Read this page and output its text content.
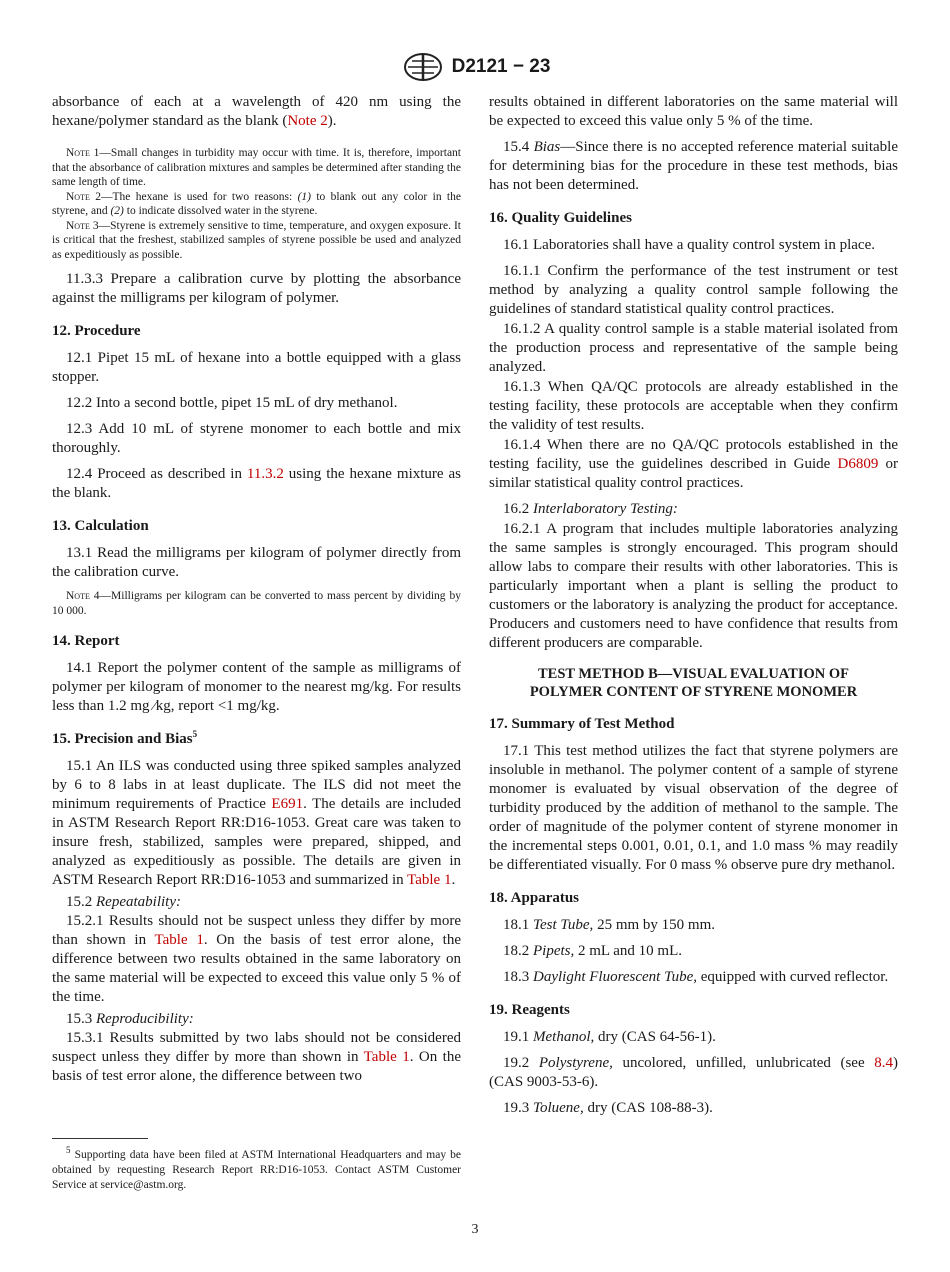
D2121 − 23

absorbance of each at a wavelength of 420 nm using the hexane/polymer standard as the blank (Note 2).

Note 1—Small changes in turbidity may occur with time. It is, therefore, important that the absorbance of calibration mixtures and samples be determined after standing the same length of time.

Note 2—The hexane is used for two reasons: (1) to blank out any color in the styrene, and (2) to indicate dissolved water in the styrene.

Note 3—Styrene is extremely sensitive to time, temperature, and oxygen exposure. It is critical that the freshest, stabilized samples of styrene possible be used and analyzed as expeditiously as possible.

11.3.3 Prepare a calibration curve by plotting the absorbance against the milligrams per kilogram of polymer.

12. Procedure

12.1 Pipet 15 mL of hexane into a bottle equipped with a glass stopper.

12.2 Into a second bottle, pipet 15 mL of dry methanol.

12.3 Add 10 mL of styrene monomer to each bottle and mix thoroughly.

12.4 Proceed as described in 11.3.2 using the hexane mixture as the blank.

13. Calculation

13.1 Read the milligrams per kilogram of polymer directly from the calibration curve.

Note 4—Milligrams per kilogram can be converted to mass percent by dividing by 10 000.

14. Report

14.1 Report the polymer content of the sample as milligrams of polymer per kilogram of monomer to the nearest mg/kg. For results less than 1.2 mg ⁄kg, report <1 mg/kg.

15. Precision and Bias$^5$

15.1 An ILS was conducted using three spiked samples analyzed by 6 to 8 labs in at least duplicate. The ILS did not meet the minimum requirements of Practice E691. The details are included in ASTM Research Report RR:D16-1053. Great care was taken to insure fresh, stabilized, samples were prepared, shipped, and analyzed as expeditiously as possible. The details are given in ASTM Research Report RR:D16-1053 and summarized in Table 1.

15.2 Repeatability:

15.2.1 Results should not be suspect unless they differ by more than shown in Table 1. On the basis of test error alone, the difference between two results obtained in the same laboratory on the same material will be expected to exceed this value only 5 % of the time.

15.3 Reproducibility:

15.3.1 Results submitted by two labs should not be considered suspect unless they differ by more than shown in Table 1. On the basis of test error alone, the difference between two

$^5$ Supporting data have been filed at ASTM International Headquarters and may be obtained by requesting Research Report RR:D16-1053. Contact ASTM Customer Service at service@astm.org.

results obtained in different laboratories on the same material will be expected to exceed this value only 5 % of the time.

15.4 Bias—Since there is no accepted reference material suitable for determining bias for the procedure in these test methods, bias has not been determined.

16. Quality Guidelines

16.1 Laboratories shall have a quality control system in place.

16.1.1 Confirm the performance of the test instrument or test method by analyzing a quality control sample following the guidelines of standard statistical quality control practices.

16.1.2 A quality control sample is a stable material isolated from the production process and representative of the sample being analyzed.

16.1.3 When QA/QC protocols are already established in the testing facility, these protocols are acceptable when they confirm the validity of test results.

16.1.4 When there are no QA/QC protocols established in the testing facility, use the guidelines described in Guide D6809 or similar statistical quality control practices.

16.2 Interlaboratory Testing:

16.2.1 A program that includes multiple laboratories analyzing the same samples is strongly encouraged. This program should allow labs to compare their results with other laboratories. This is particularly important when a plant is selling the product to customers or the laboratory is analyzing the product for acceptance. Producers and customers need to have confidence that results from different producers are comparable.

TEST METHOD B—VISUAL EVALUATION OF
POLYMER CONTENT OF STYRENE MONOMER
17. Summary of Test Method

17.1 This test method utilizes the fact that styrene polymers are insoluble in methanol. The polymer content of a sample of styrene monomer is evaluated by visual observation of the degree of turbidity produced by the addition of methanol to the sample. The order of magnitude of the polymer content of styrene monomer in the incremental steps 0.001, 0.01, 0.1, and 1.0 mass % may readily be differentiated visually. For 0 mass % observe pure dry methanol.

18. Apparatus

18.1 Test Tube, 25 mm by 150 mm.

18.2 Pipets, 2 mL and 10 mL.

18.3 Daylight Fluorescent Tube, equipped with curved reflector.

19. Reagents

19.1 Methanol, dry (CAS 64-56-1).

19.2 Polystyrene, uncolored, unfilled, unlubricated (see 8.4) (CAS 9003-53-6).

19.3 Toluene, dry (CAS 108-88-3).

3
